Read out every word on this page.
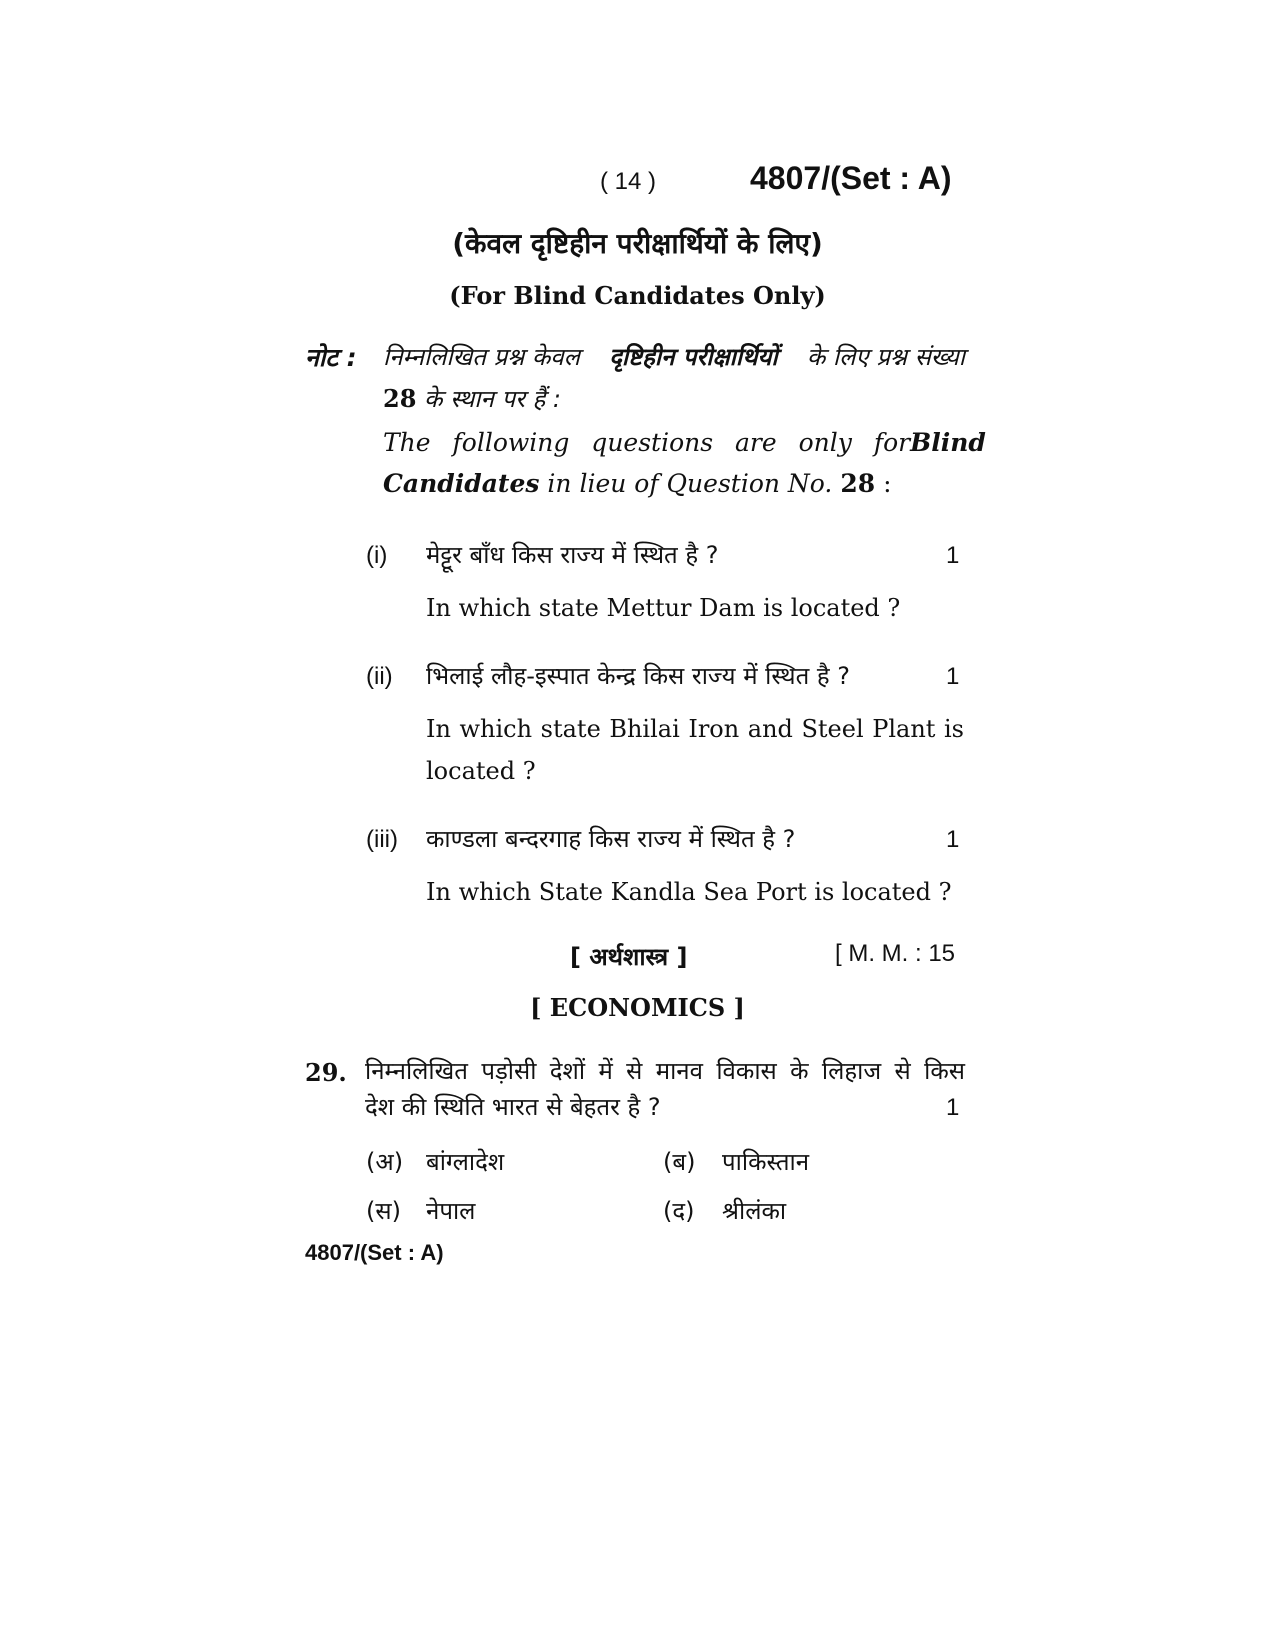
( 14 )	4807/(Set : A)
(केवल दृष्टिहीन परीक्षार्थियों के लिए)
(For Blind Candidates Only)
नोट : निम्नलिखित प्रश्न केवल दृष्टिहीन परीक्षार्थियों के लिए प्रश्न संख्या
28 के स्थान पर हैं :
The following questions are only for Blind
Candidates in lieu of Question No. 28 :
(i) मेट्टूर बाँध किस राज्य में स्थित है ?	1
In which state Mettur Dam is located ?
(ii) भिलाई लौह-इस्पात केन्द्र किस राज्य में स्थित है ?	1
In which state Bhilai Iron and Steel Plant is
located ?
(iii) काण्डला बन्दरगाह किस राज्य में स्थित है ?	1
In which State Kandla Sea Port is located ?
[ अर्थशास्त्र ]	[ M. M. : 15
[ ECONOMICS ]
29. निम्नलिखित पड़ोसी देशों में से मानव विकास के लिहाज से किस
देश की स्थिति भारत से बेहतर है ?	1
(अ) बांग्लादेश	(ब) पाकिस्तान
(स) नेपाल	(द) श्रीलंका
4807/(Set : A)
